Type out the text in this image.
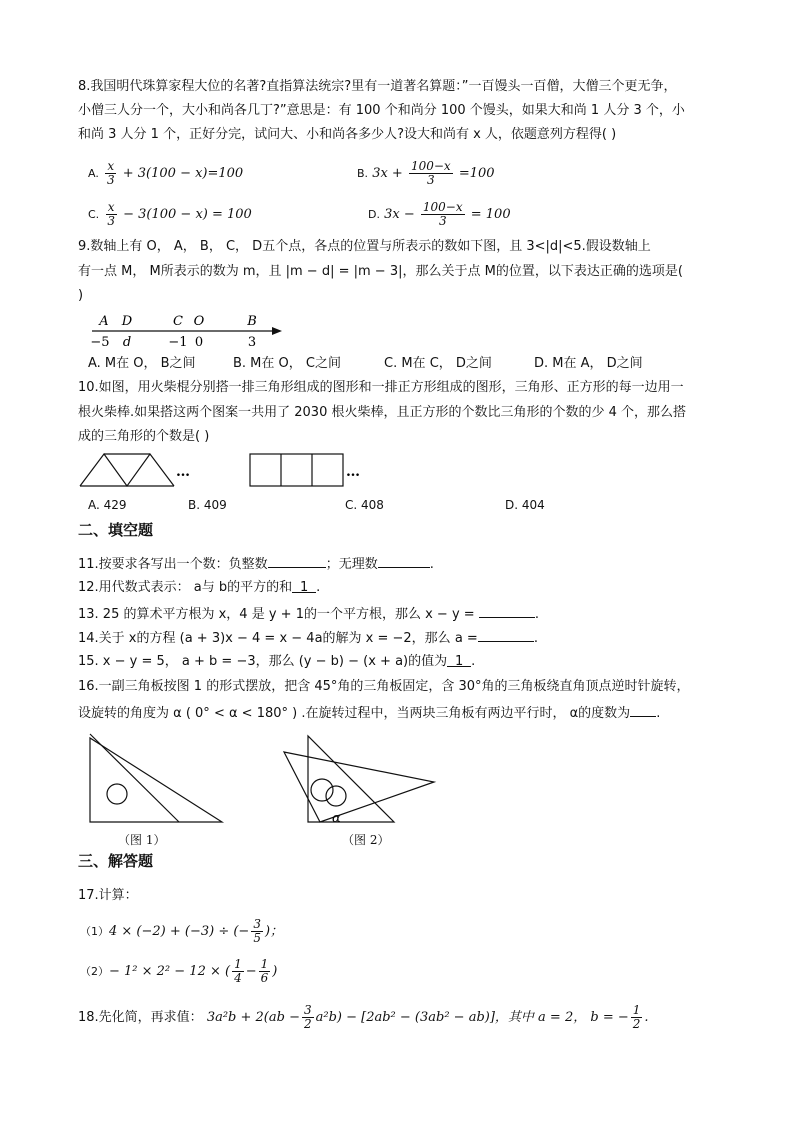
8.我国明代珠算家程大位的名著?直指算法统宗?里有一道著名算题：”一百馒头一百僧，大僧三个更无争，
小僧三人分一个，大小和尚各几丁?”意思是：有 100 个和尚分 100 个馒头，如果大和尚 1 人分 3 个，小
和尚 3 人分 1 个，正好分完，试问大、小和尚各多少人?设大和尚有 x 人，依题意列方程得( )
A. $\frac{x}{3} + 3(100 - x)=100$	B. $3x + \frac{100-x}{3} =100$
C. $\frac{x}{3} - 3(100 - x) = 100$	D. $3x - \frac{100-x}{3} = 100$
9.数轴上有 O， A， B， C， D五个点，各点的位置与所表示的数如下图，且 3<|d|<5.假设数轴上
有一点 M， M所表示的数为 m，且 |m − d| = |m − 3|，那么关于点 M的位置，以下表达正确的选项是(
)
A D	C O	B
−5 d	−1 0	3
A. M在 O， B之间	B. M在 O， C之间	C. M在 C， D之间	D. M在 A， D之间
10.如图，用火柴棍分别搭一排三角形组成的图形和一排正方形组成的图形，三角形、正方形的每一边用一
根火柴棒.如果搭这两个图案一共用了 2030 根火柴棒，且正方形的个数比三角形的个数的少 4 个，那么搭
成的三角形的个数是( )
…	…
A. 429	B. 409	C. 408	D. 404
二、填空题
11.按要求各写出一个数：负整数	；无理数	.
12.用代数式表示： a与 b的平方的和 1 .
13. 25 的算术平方根为 x，4 是 y + 1的一个平方根，那么 x − y =	.
14.关于 x的方程 (a + 3)x − 4 = x − 4a的解为 x = −2，那么 a =	.
15. x − y = 5， a + b = −3，那么 (y − b) − (x + a)的值为 1 .
16.一副三角板按图 1 的形式摆放，把含 45°角的三角板固定，含 30°角的三角板绕直角顶点逆时针旋转，
设旋转的角度为 α ( 0° < α < 180° ) .在旋转过程中，当两块三角板有两边平行时， α的度数为 .
（图 1）
α
（图 2）
三、解答题
17.计算：
（1）4 × (−2) + (−3) ÷ (− $\frac{3}{5}$ )；
（2）− 1² × 2² − 12 × ( $\frac{1}{4} - \frac{1}{6}$ )
18.先化简，再求值： $3a^2b + 2(ab - \frac{3}{2} a^2b) - [2ab^2 - (3ab^2 - ab)]$，其中 a = 2， b = − $\frac{1}{2}$ .
